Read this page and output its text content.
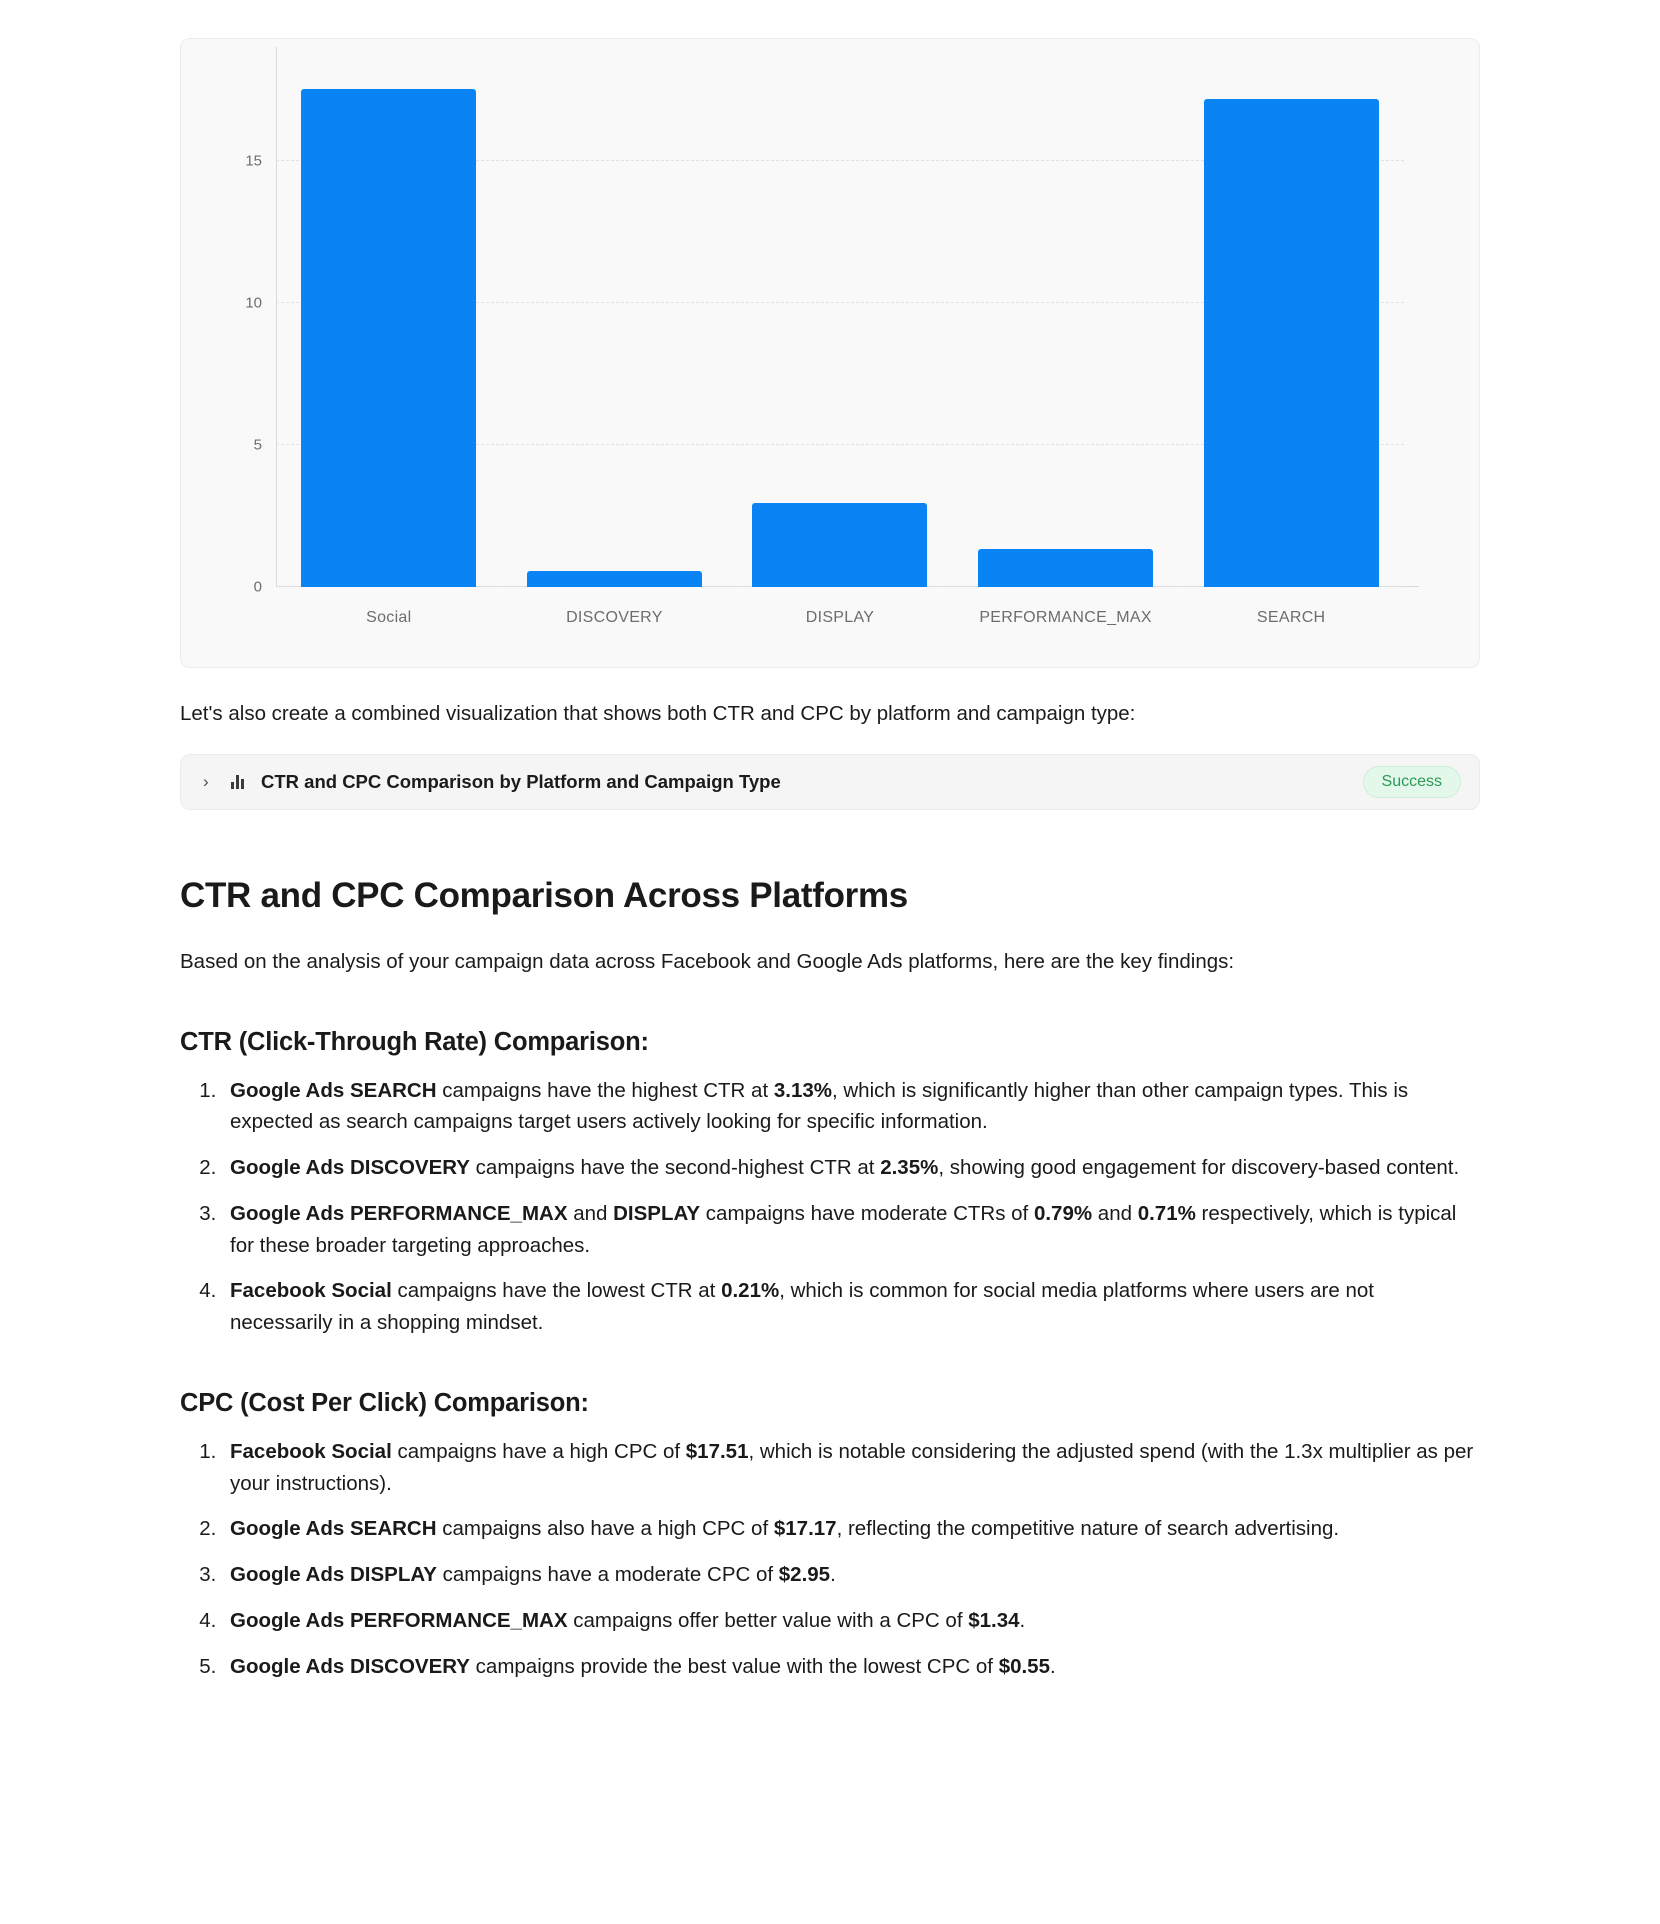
0
5
10
15
Social	DISCOVERY	DISPLAY	PERFORMANCE_MAX	SEARCH

Let's also create a combined visualization that shows both CTR and CPC by platform and campaign type:

›	CTR and CPC Comparison by Platform and Campaign Type	Success
CTR and CPC Comparison Across Platforms

Based on the analysis of your campaign data across Facebook and Google Ads platforms, here are the key findings:

CTR (Click-Through Rate) Comparison:
1. Google Ads SEARCH campaigns have the highest CTR at 3.13%, which is significantly higher than other campaign types. This is expected as search campaigns target users actively looking for specific information.
2. Google Ads DISCOVERY campaigns have the second-highest CTR at 2.35%, showing good engagement for discovery-based content.
3. Google Ads PERFORMANCE_MAX and DISPLAY campaigns have moderate CTRs of 0.79% and 0.71% respectively, which is typical for these broader targeting approaches.
4. Facebook Social campaigns have the lowest CTR at 0.21%, which is common for social media platforms where users are not necessarily in a shopping mindset.
CPC (Cost Per Click) Comparison:
1. Facebook Social campaigns have a high CPC of $17.51, which is notable considering the adjusted spend (with the 1.3x multiplier as per your instructions).
2. Google Ads SEARCH campaigns also have a high CPC of $17.17, reflecting the competitive nature of search advertising.
3. Google Ads DISPLAY campaigns have a moderate CPC of $2.95.
4. Google Ads PERFORMANCE_MAX campaigns offer better value with a CPC of $1.34.
5. Google Ads DISCOVERY campaigns provide the best value with the lowest CPC of $0.55.
